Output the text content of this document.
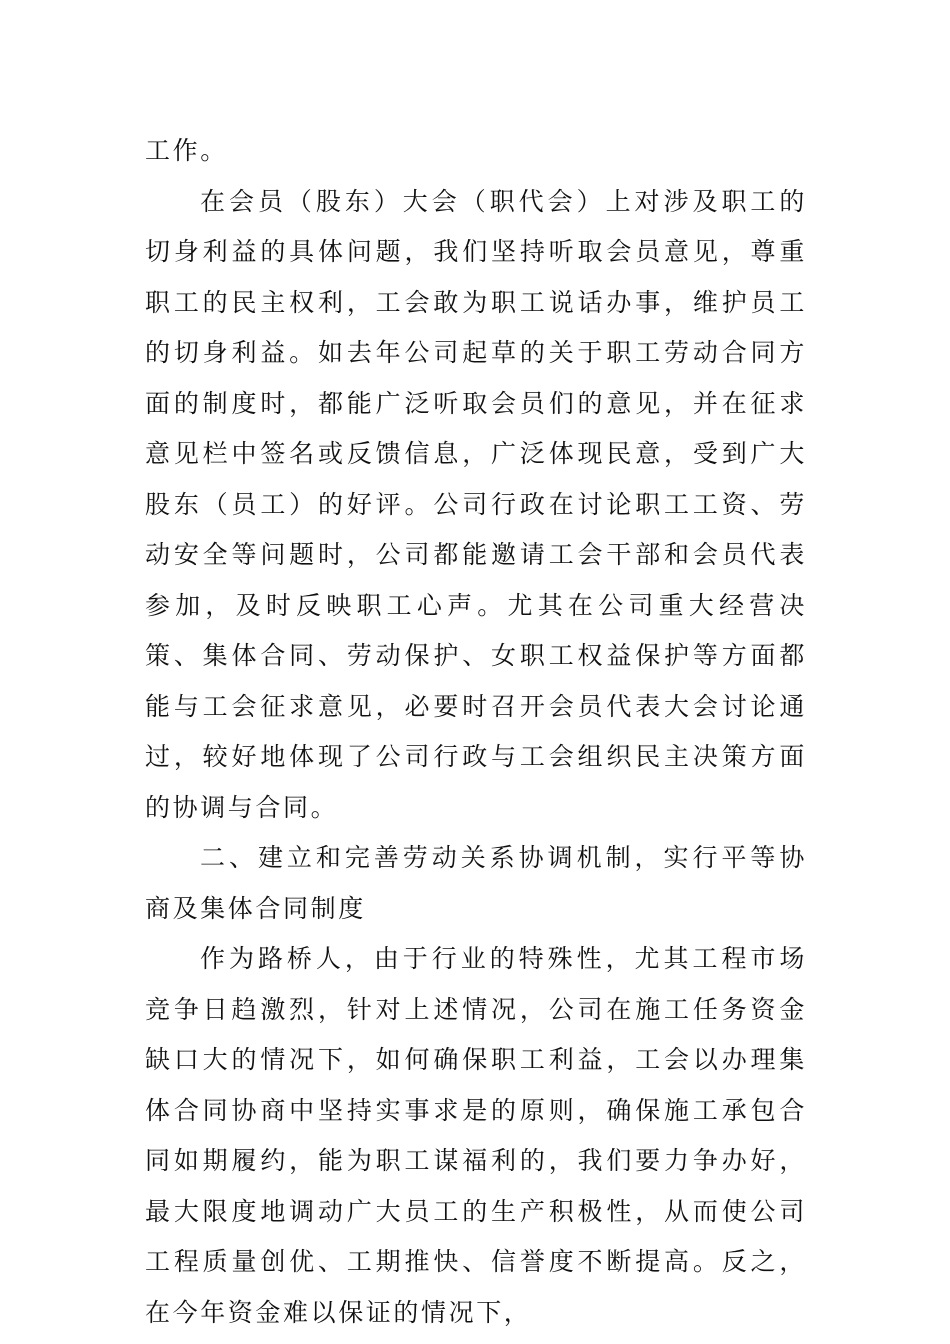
工作。

在会员（股东）大会（职代会）上对涉及职工的切身利益的具体问题，我们坚持听取会员意见，尊重职工的民主权利，工会敢为职工说话办事，维护员工的切身利益。如去年公司起草的关于职工劳动合同方面的制度时，都能广泛听取会员们的意见，并在征求意见栏中签名或反馈信息，广泛体现民意，受到广大股东（员工）的好评。公司行政在讨论职工工资、劳动安全等问题时，公司都能邀请工会干部和会员代表参加，及时反映职工心声。尤其在公司重大经营决策、集体合同、劳动保护、女职工权益保护等方面都能与工会征求意见，必要时召开会员代表大会讨论通过，较好地体现了公司行政与工会组织民主决策方面的协调与合同。

二、建立和完善劳动关系协调机制，实行平等协商及集体合同制度

作为路桥人，由于行业的特殊性，尤其工程市场竞争日趋激烈，针对上述情况，公司在施工任务资金缺口大的情况下，如何确保职工利益，工会以办理集体合同协商中坚持实事求是的原则，确保施工承包合同如期履约，能为职工谋福利的，我们要力争办好，最大限度地调动广大员工的生产积极性，从而使公司工程质量创优、工期推快、信誉度不断提高。反之，在今年资金难以保证的情况下，
